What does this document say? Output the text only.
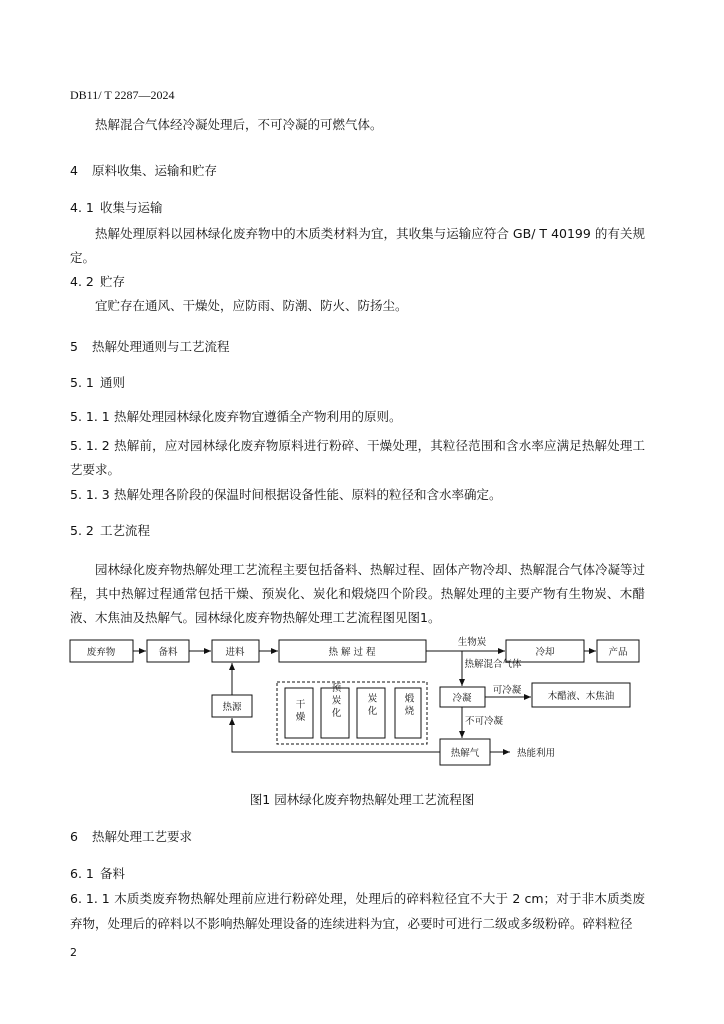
DB11/ T 2287—2024
热解混合气体经冷凝处理后，不可冷凝的可燃气体。
4 原料收集、运输和贮存
4. 1 收集与运输
热解处理原料以园林绿化废弃物中的木质类材料为宜，其收集与运输应符合 GB/ T 40199 的有关规定。
4. 2 贮存
宜贮存在通风、干燥处，应防雨、防潮、防火、防扬尘。
5 热解处理通则与工艺流程
5. 1 通则
5. 1. 1 热解处理园林绿化废弃物宜遵循全产物利用的原则。
5. 1. 2 热解前，应对园林绿化废弃物原料进行粉碎、干燥处理，其粒径范围和含水率应满足热解处理工艺要求。
5. 1. 3 热解处理各阶段的保温时间根据设备性能、原料的粒径和含水率确定。
5. 2 工艺流程
园林绿化废弃物热解处理工艺流程主要包括备料、热解过程、固体产物冷却、热解混合气体冷凝等过程，其中热解过程通常包括干燥、预炭化、炭化和煅烧四个阶段。热解处理的主要产物有生物炭、木醋液、木焦油及热解气。园林绿化废弃物热解处理工艺流程图见图1。
废弃物	备料	进料	热 解 过 程	冷却	产品
生物炭
热源	干 燥	预 炭 化	炭 化	煅 烧
热解混合气体
冷凝
可冷凝
木醋液、木焦油
不可冷凝
热解气	热能利用
图1 园林绿化废弃物热解处理工艺流程图
6 热解处理工艺要求
6. 1 备料
6. 1. 1 木质类废弃物热解处理前应进行粉碎处理，处理后的碎料粒径宜不大于 2 cm；对于非木质类废弃物，处理后的碎料以不影响热解处理设备的连续进料为宜，必要时可进行二级或多级粉碎。碎料粒径
2
